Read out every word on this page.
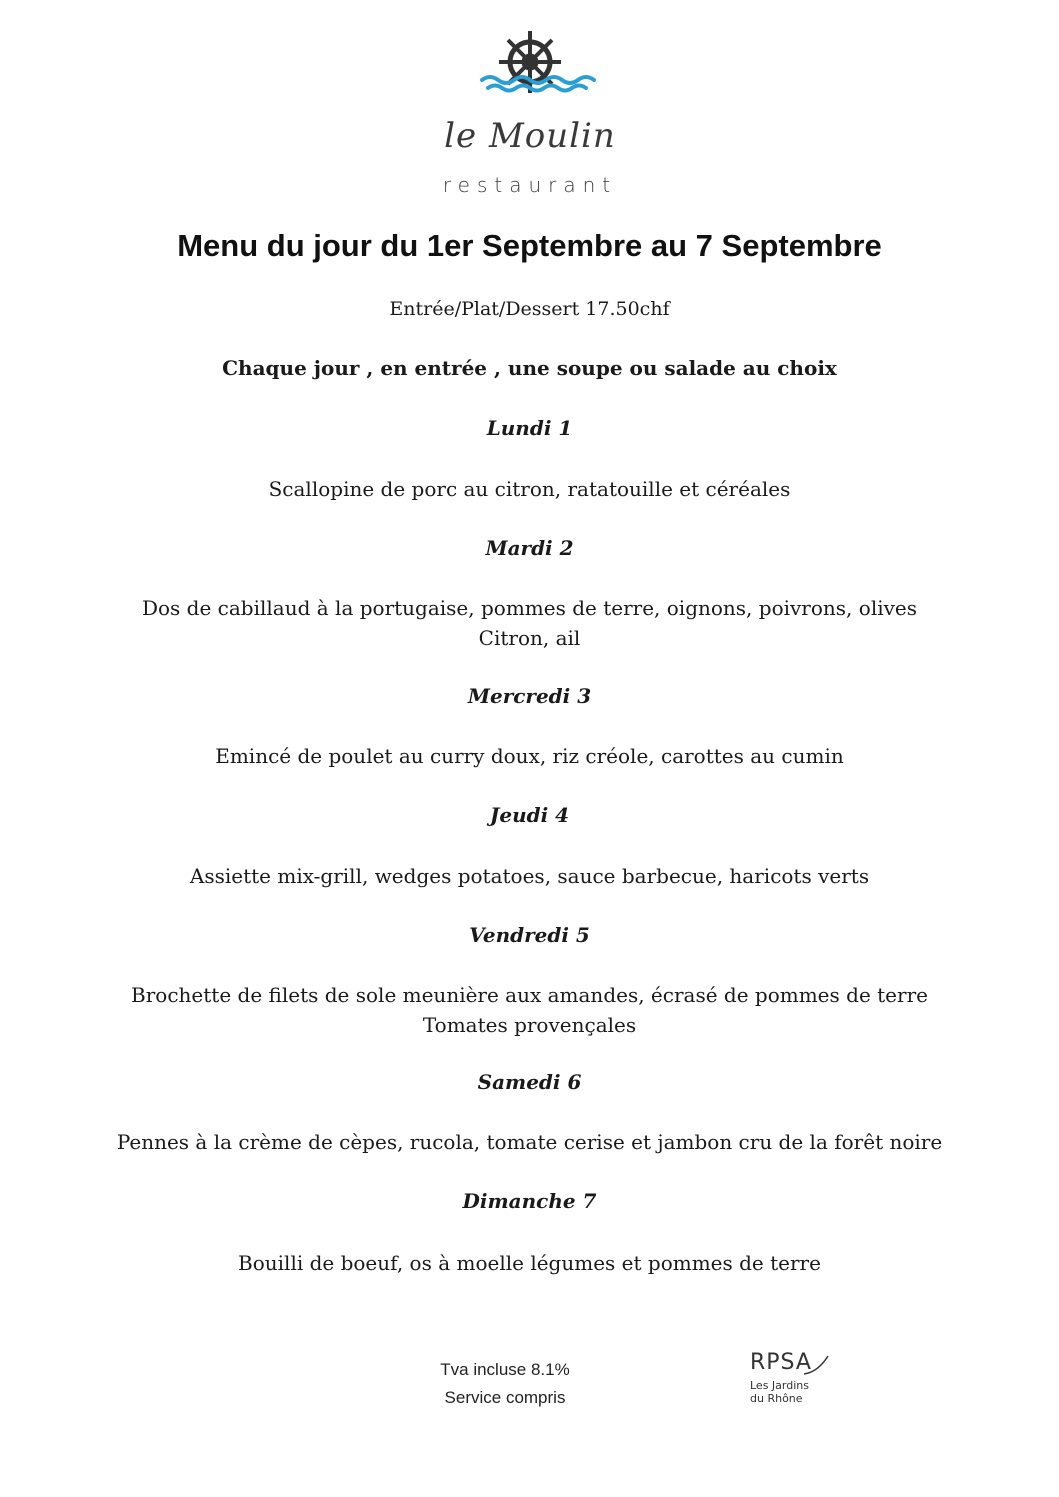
le Moulin
restaurant
Menu du jour du 1er Septembre au 7 Septembre
Entrée/Plat/Dessert 17.50chf
Chaque jour , en entrée , une soupe ou salade au choix
Lundi 1
Scallopine de porc au citron, ratatouille et céréales
Mardi 2
Dos de cabillaud à la portugaise, pommes de terre, oignons, poivrons, olives
Citron, ail
Mercredi 3
Emincé de poulet au curry doux, riz créole, carottes au cumin
Jeudi 4
Assiette mix-grill, wedges potatoes, sauce barbecue, haricots verts
Vendredi 5
Brochette de filets de sole meunière aux amandes, écrasé de pommes de terre
Tomates provençales
Samedi 6
Pennes à la crème de cèpes, rucola, tomate cerise et jambon cru de la forêt noire
Dimanche 7
Bouilli de boeuf, os à moelle légumes et pommes de terre
Tva incluse 8.1%
Service compris
RPSA
Les Jardins
du Rhône
